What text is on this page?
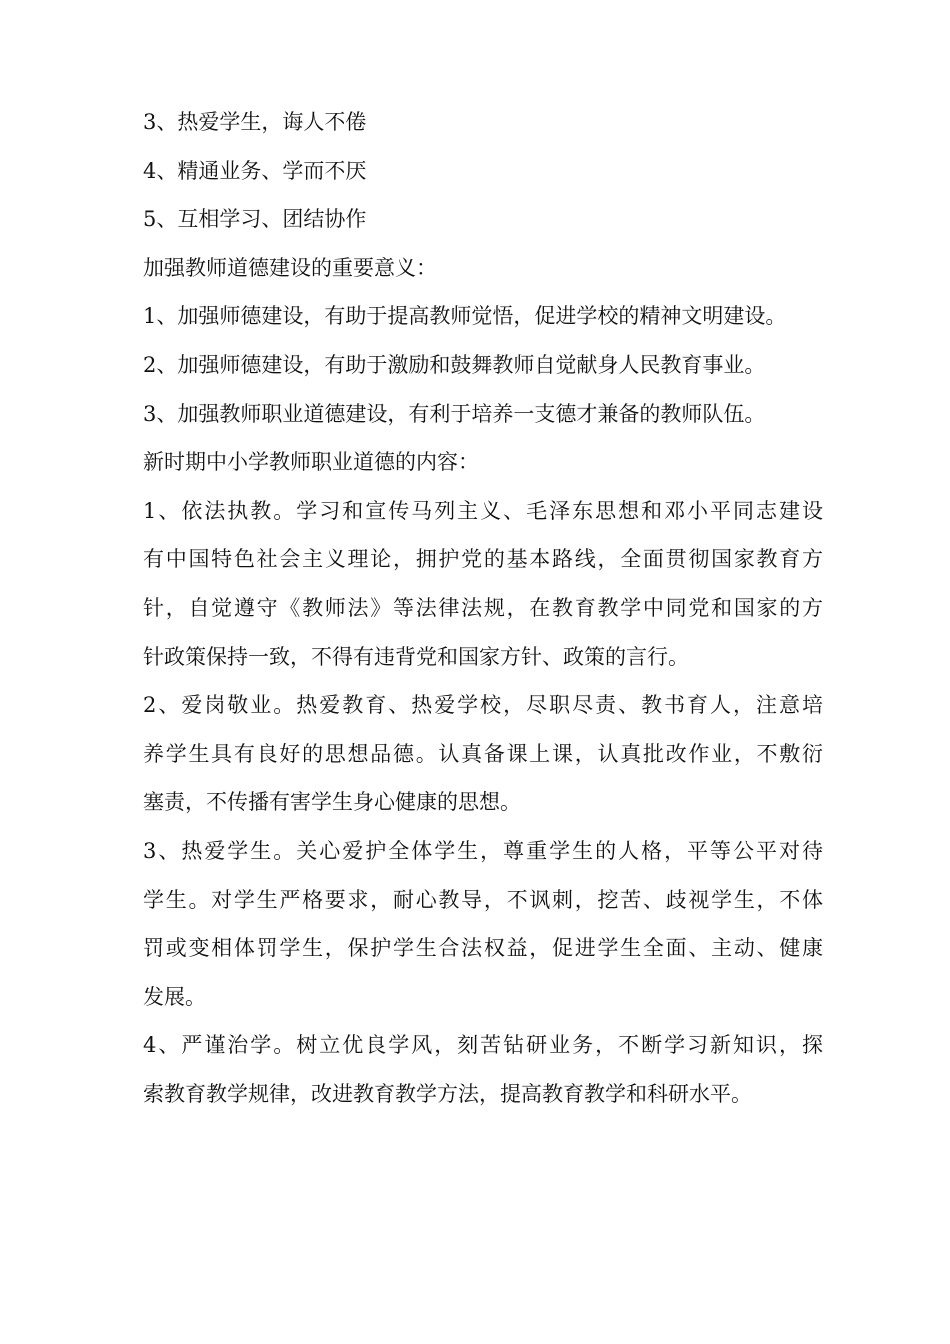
3、热爱学生，诲人不倦
4、精通业务、学而不厌
5、互相学习、团结协作
加强教师道德建设的重要意义：
1、加强师德建设，有助于提高教师觉悟，促进学校的精神文明建设。
2、加强师德建设，有助于激励和鼓舞教师自觉献身人民教育事业。
3、加强教师职业道德建设，有利于培养一支德才兼备的教师队伍。
新时期中小学教师职业道德的内容：
1、依法执教。学习和宣传马列主义、毛泽东思想和邓小平同志建设
有中国特色社会主义理论，拥护党的基本路线，全面贯彻国家教育方
针，自觉遵守《教师法》等法律法规，在教育教学中同党和国家的方
针政策保持一致，不得有违背党和国家方针、政策的言行。
2、爱岗敬业。热爱教育、热爱学校，尽职尽责、教书育人，注意培
养学生具有良好的思想品德。认真备课上课，认真批改作业，不敷衍
塞责，不传播有害学生身心健康的思想。
3、热爱学生。关心爱护全体学生，尊重学生的人格，平等公平对待
学生。对学生严格要求，耐心教导，不讽刺，挖苦、歧视学生，不体
罚或变相体罚学生，保护学生合法权益，促进学生全面、主动、健康
发展。
4、严谨治学。树立优良学风，刻苦钻研业务，不断学习新知识，探
索教育教学规律，改进教育教学方法，提高教育教学和科研水平。
